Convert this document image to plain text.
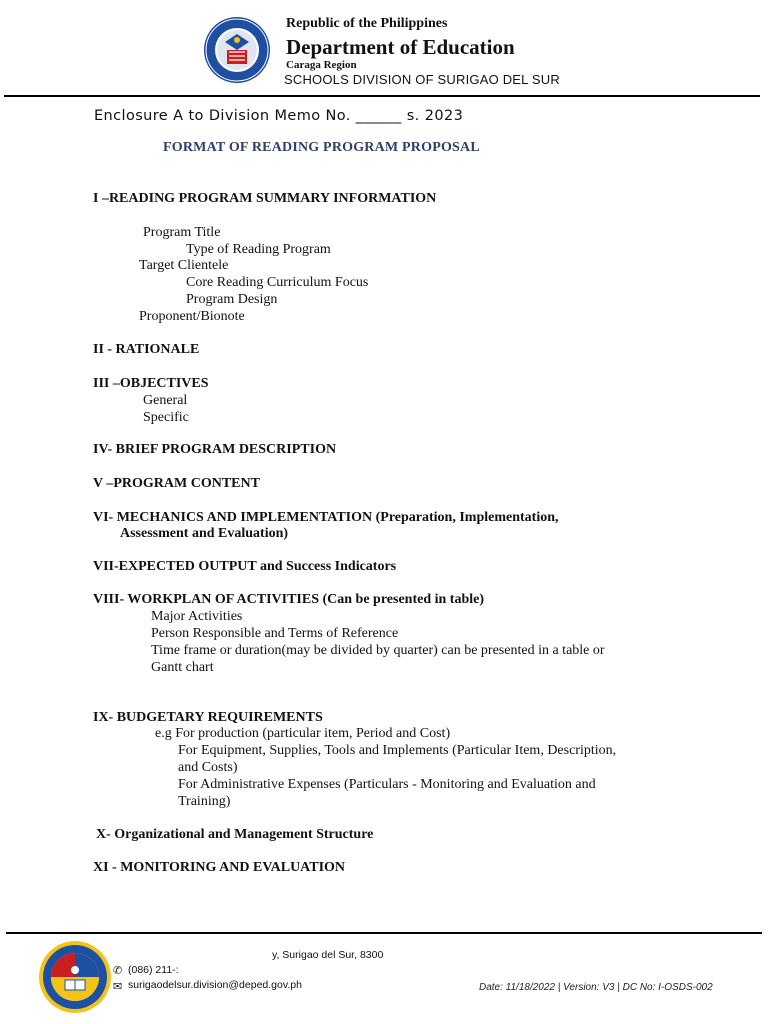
Republic of the Philippines
Department of Education
Caraga Region
SCHOOLS DIVISION OF SURIGAO DEL SUR
Enclosure A to Division Memo No. ______ s. 2023
FORMAT OF READING PROGRAM PROPOSAL
I –READING PROGRAM SUMMARY INFORMATION
Program Title
Type of Reading Program
Target Clientele
Core Reading Curriculum Focus
Program Design
Proponent/Bionote
II - RATIONALE
III –OBJECTIVES
General
Specific
IV- BRIEF PROGRAM DESCRIPTION
V –PROGRAM CONTENT
VI- MECHANICS AND IMPLEMENTATION (Preparation, Implementation,
Assessment and Evaluation)
VII-EXPECTED OUTPUT and Success Indicators
VIII- WORKPLAN OF ACTIVITIES (Can be presented in table)
Major Activities
Person Responsible and Terms of Reference
Time frame or duration(may be divided by quarter) can be presented in a table or
Gantt chart
IX- BUDGETARY REQUIREMENTS
e.g For production (particular item, Period and Cost)
For Equipment, Supplies, Tools and Implements (Particular Item, Description,
and Costs)
For Administrative Expenses (Particulars - Monitoring and Evaluation and
Training)
X- Organizational and Management Structure
XI - MONITORING AND EVALUATION
y, Surigao del Sur, 8300
✆ (086) 211-:
✉ surigaodelsur.division@deped.gov.ph	Date: 11/18/2022 | Version: V3 | DC No: I-OSDS-002
